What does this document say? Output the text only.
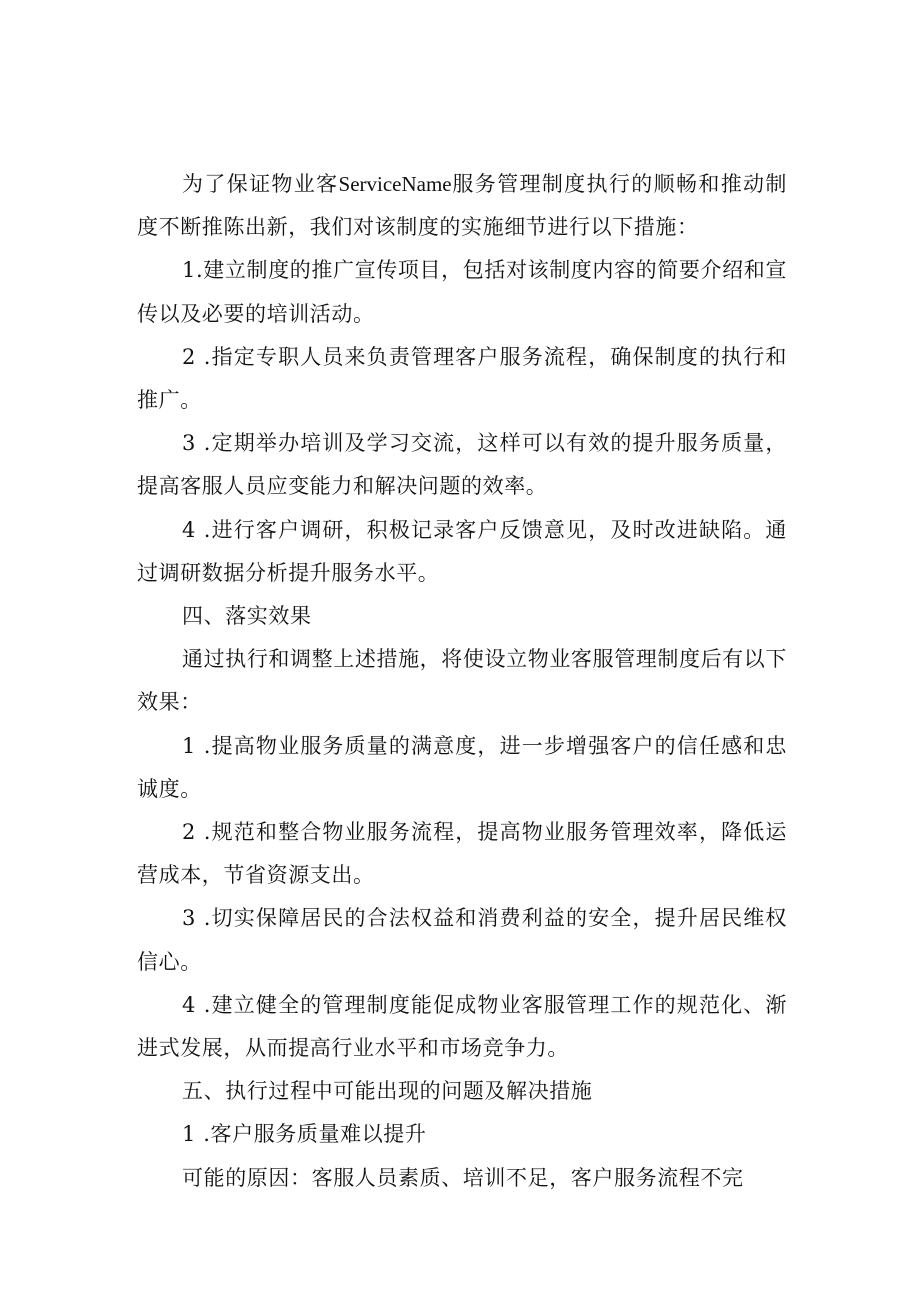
为了保证物业客ServiceName服务管理制度执行的顺畅和推动制度不断推陈出新，我们对该制度的实施细节进行以下措施：

1.建立制度的推广宣传项目，包括对该制度内容的简要介绍和宣传以及必要的培训活动。

2 .指定专职人员来负责管理客户服务流程，确保制度的执行和推广。

3 .定期举办培训及学习交流，这样可以有效的提升服务质量，提高客服人员应变能力和解决问题的效率。

4 .进行客户调研，积极记录客户反馈意见，及时改进缺陷。通过调研数据分析提升服务水平。

四、落实效果

通过执行和调整上述措施，将使设立物业客服管理制度后有以下效果：

1 .提高物业服务质量的满意度，进一步增强客户的信任感和忠诚度。

2 .规范和整合物业服务流程，提高物业服务管理效率，降低运营成本，节省资源支出。

3 .切实保障居民的合法权益和消费利益的安全，提升居民维权信心。

4 .建立健全的管理制度能促成物业客服管理工作的规范化、渐进式发展，从而提高行业水平和市场竞争力。

五、执行过程中可能出现的问题及解决措施

1 .客户服务质量难以提升

可能的原因：客服人员素质、培训不足，客户服务流程不完
